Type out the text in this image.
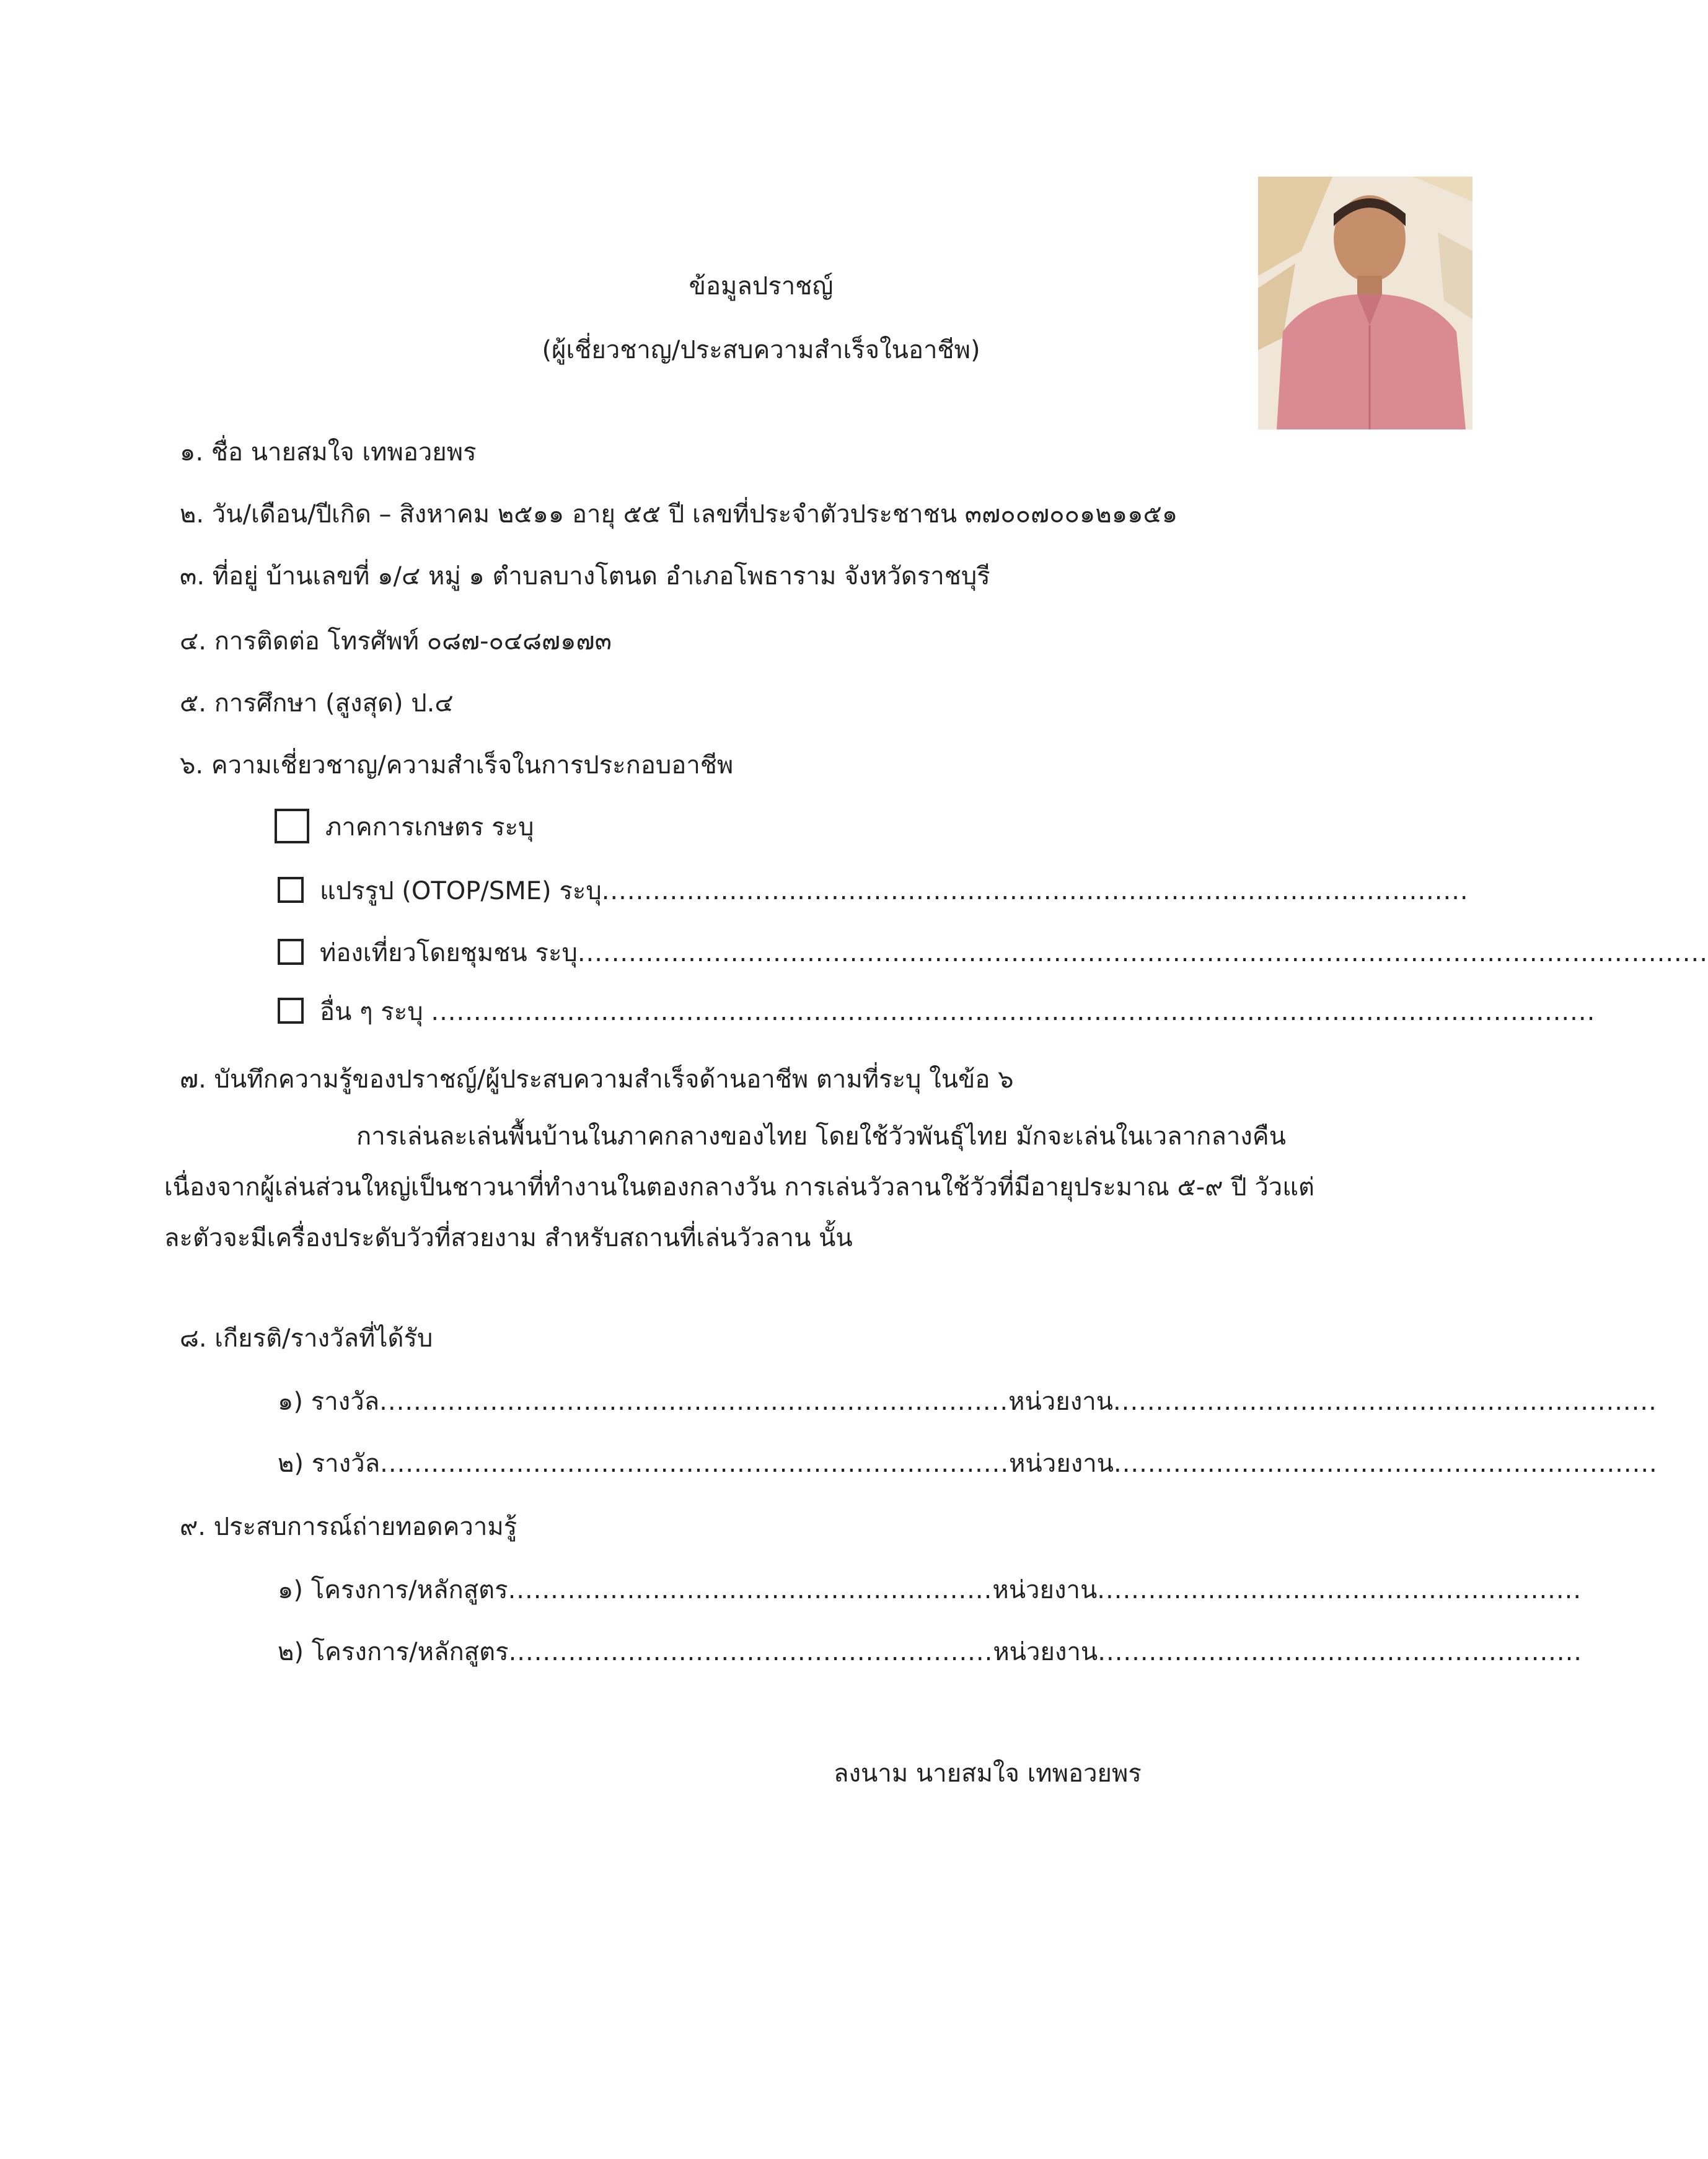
ข้อมูลปราชญ์
(ผู้เชี่ยวชาญ/ประสบความสำเร็จในอาชีพ)
๑. ชื่อ นายสมใจ เทพอวยพร
๒. วัน/เดือน/ปีเกิด – สิงหาคม ๒๕๑๑ อายุ ๕๕ ปี เลขที่ประจำตัวประชาชน ๓๗๐๐๗๐๐๑๒๑๑๕๑
๓. ที่อยู่ บ้านเลขที่ ๑/๔ หมู่ ๑ ตำบลบางโตนด อำเภอโพธาราม จังหวัดราชบุรี
๔. การติดต่อ โทรศัพท์ ๐๘๗-๐๔๘๗๑๗๓
๕. การศึกษา (สูงสุด) ป.๔
๖. ความเชี่ยวชาญ/ความสำเร็จในการประกอบอาชีพ
ภาคการเกษตร ระบุ
แปรรูป (OTOP/SME) ระบุ......................................................................................................
ท่องเที่ยวโดยชุมชน ระบุ.....................................................................................................................................
อื่น ๆ ระบุ .........................................................................................................................................
๗. บันทึกความรู้ของปราชญ์/ผู้ประสบความสำเร็จด้านอาชีพ ตามที่ระบุ ในข้อ ๖
การเล่นละเล่นพื้นบ้านในภาคกลางของไทย โดยใช้วัวพันธุ์ไทย มักจะเล่นในเวลากลางคืน
เนื่องจากผู้เล่นส่วนใหญ่เป็นชาวนาที่ทำงานในตองกลางวัน การเล่นวัวลานใช้วัวที่มีอายุประมาณ ๕-๙ ปี วัวแต่
ละตัวจะมีเครื่องประดับวัวที่สวยงาม สำหรับสถานที่เล่นวัวลาน นั้น
๘. เกียรติ/รางวัลที่ได้รับ
๑) รางวัล..........................................................................หน่วยงาน................................................................
๒) รางวัล..........................................................................หน่วยงาน................................................................
๙. ประสบการณ์ถ่ายทอดความรู้
๑) โครงการ/หลักสูตร.........................................................หน่วยงาน.........................................................
๒) โครงการ/หลักสูตร.........................................................หน่วยงาน.........................................................
ลงนาม นายสมใจ เทพอวยพร
